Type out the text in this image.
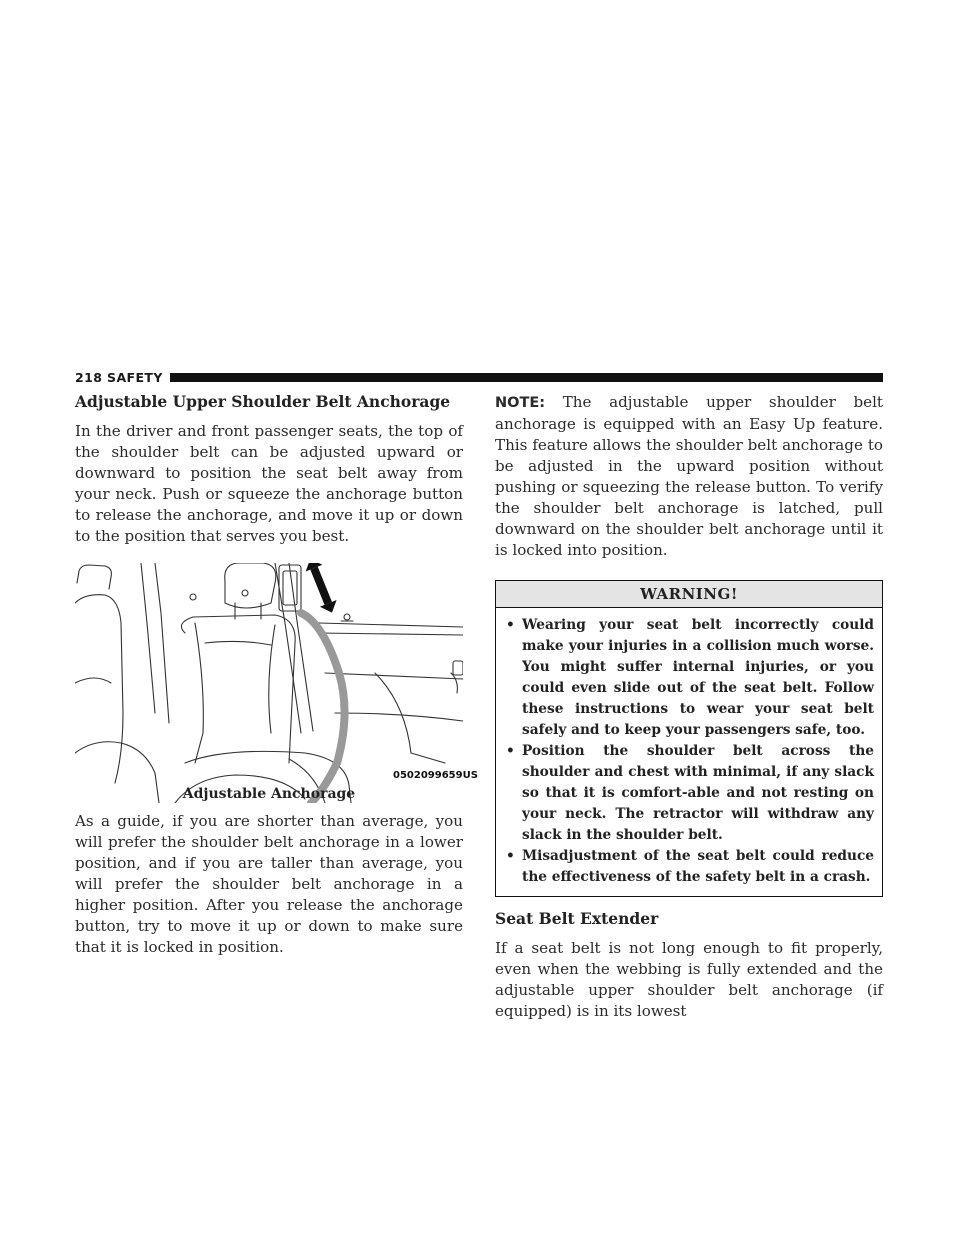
218 SAFETY
Adjustable Upper Shoulder Belt Anchorage

In the driver and front passenger seats, the top of the shoulder belt can be adjusted upward or downward to position the seat belt away from your neck. Push or squeeze the anchorage button to release the anchorage, and move it up or down to the position that serves you best.

0502099659US
Adjustable Anchorage

As a guide, if you are shorter than average, you will prefer the shoulder belt anchorage in a lower position, and if you are taller than average, you will prefer the shoulder belt anchorage in a higher position. After you release the anchorage button, try to move it up or down to make sure that it is locked in position.

NOTE: The adjustable upper shoulder belt anchorage is equipped with an Easy Up feature. This feature allows the shoulder belt anchorage to be adjusted in the upward position without pushing or squeezing the release button. To verify the shoulder belt anchorage is latched, pull downward on the shoulder belt anchorage until it is locked into position.

WARNING!
• Wearing your seat belt incorrectly could make your injuries in a collision much worse. You might suffer internal injuries, or you could even slide out of the seat belt. Follow these instructions to wear your seat belt safely and to keep your passengers safe, too.
• Position the shoulder belt across the shoulder and chest with minimal, if any slack so that it is comfort-able and not resting on your neck. The retractor will withdraw any slack in the shoulder belt.
• Misadjustment of the seat belt could reduce the effectiveness of the safety belt in a crash.
Seat Belt Extender

If a seat belt is not long enough to fit properly, even when the webbing is fully extended and the adjustable upper shoulder belt anchorage (if equipped) is in its lowest
